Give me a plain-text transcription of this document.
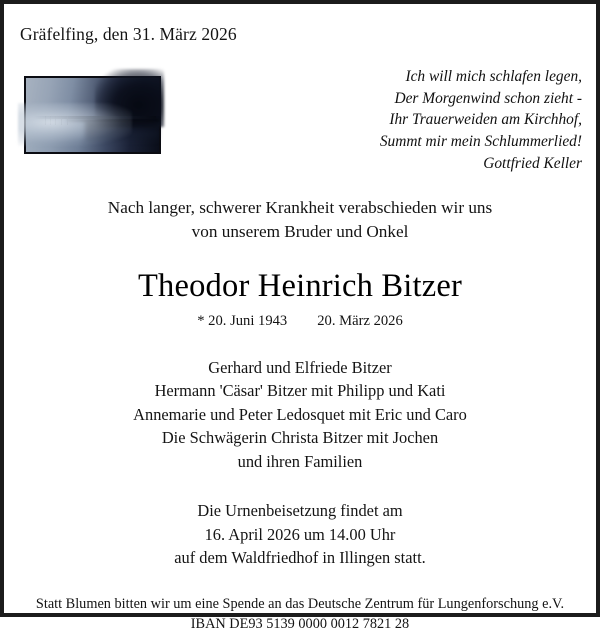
Gräfelfing, den 31. März 2026
Ich will mich schlafen legen,
Der Morgenwind schon zieht -
Ihr Trauerweiden am Kirchhof,
Summt mir mein Schlummerlied!
Gottfried Keller
Nach langer, schwerer Krankheit verabschieden wir uns
von unserem Bruder und Onkel
Theodor Heinrich Bitzer
* 20. Juni 1943 20. März 2026
Gerhard und Elfriede Bitzer
Hermann 'Cäsar' Bitzer mit Philipp und Kati
Annemarie und Peter Ledosquet mit Eric und Caro
Die Schwägerin Christa Bitzer mit Jochen
und ihren Familien
Die Urnenbeisetzung findet am
16. April 2026 um 14.00 Uhr
auf dem Waldfriedhof in Illingen statt.
Statt Blumen bitten wir um eine Spende an das Deutsche Zentrum für Lungenforschung e.V.
IBAN DE93 5139 0000 0012 7821 28
